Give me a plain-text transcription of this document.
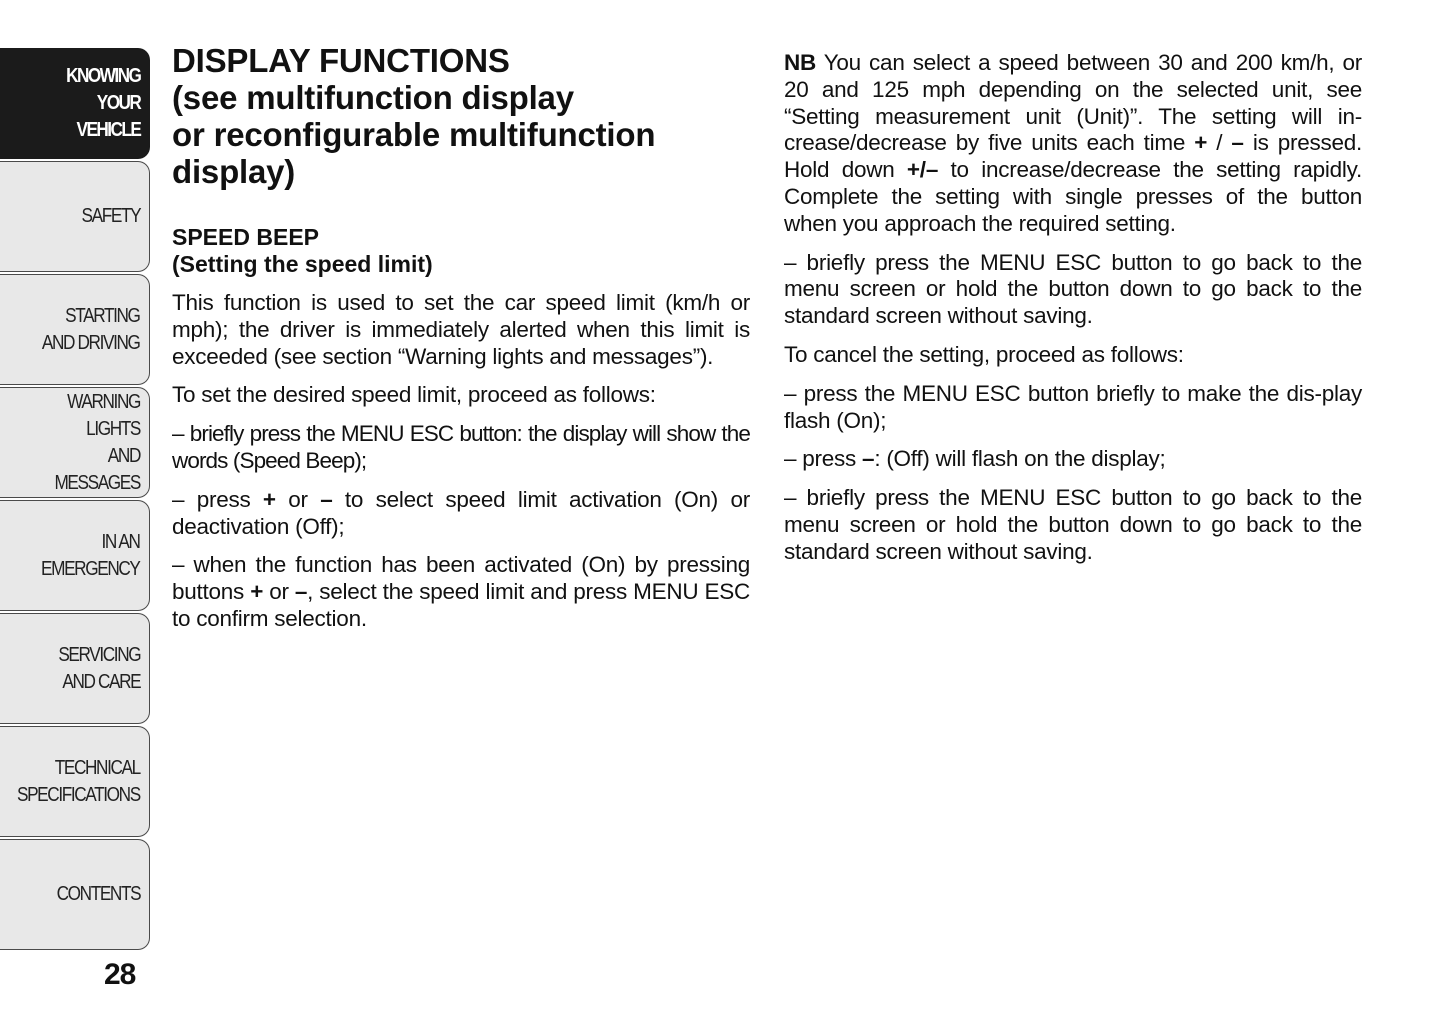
KNOWING
YOUR
VEHICLE
SAFETY
STARTING
AND DRIVING
WARNING LIGHTS
AND MESSAGES
IN AN
EMERGENCY
SERVICING
AND CARE
TECHNICAL
SPECIFICATIONS
CONTENTS
28
DISPLAY FUNCTIONS
(see multifunction display
or reconfigurable multifunction
display)
SPEED BEEP
(Setting the speed limit)

This function is used to set the car speed limit (km/h or mph); the driver is immediately alerted when this limit is exceeded (see section “Warning lights and messages”).

To set the desired speed limit, proceed as follows:

– briefly press the MENU ESC button: the display will show the words (Speed Beep);

– press + or – to select speed limit activation (On) or deactivation (Off);

– when the function has been activated (On) by pressing buttons + or –, select the speed limit and press MENU ESC to confirm selection.

NB You can select a speed between 30 and 200 km/h, or 20 and 125 mph depending on the selected unit, see “Setting measurement unit (Unit)”. The setting will in-crease/decrease by five units each time + / – is pressed. Hold down +/– to increase/decrease the setting rapidly. Complete the setting with single presses of the button when you approach the required setting.

– briefly press the MENU ESC button to go back to the menu screen or hold the button down to go back to the standard screen without saving.

To cancel the setting, proceed as follows:

– press the MENU ESC button briefly to make the dis-play flash (On);

– press –: (Off) will flash on the display;

– briefly press the MENU ESC button to go back to the menu screen or hold the button down to go back to the standard screen without saving.
